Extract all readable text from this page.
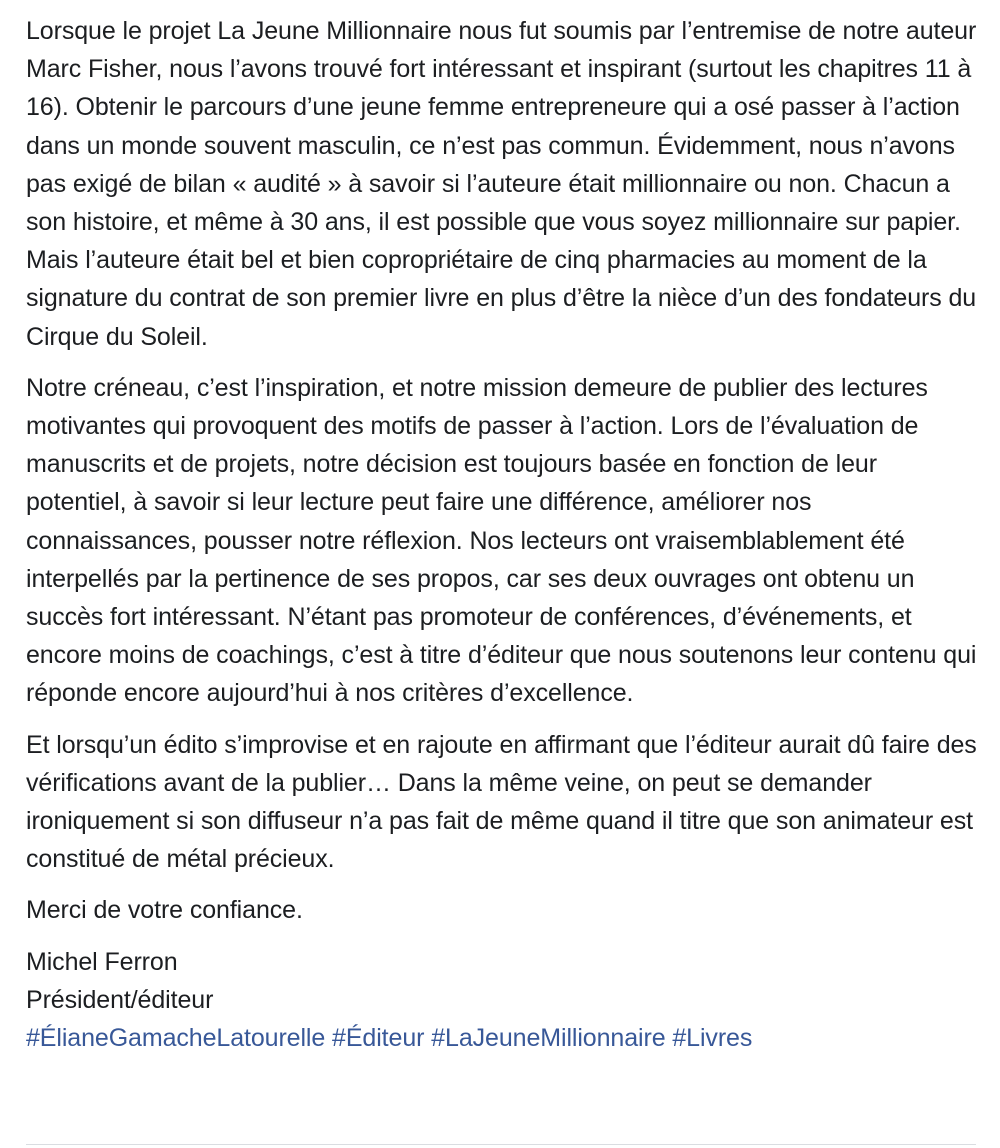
Lorsque le projet La Jeune Millionnaire nous fut soumis par l’entremise de notre auteur Marc Fisher, nous l’avons trouvé fort intéressant et inspirant (surtout les chapitres 11 à 16). Obtenir le parcours d’une jeune femme entrepreneure qui a osé passer à l’action dans un monde souvent masculin, ce n’est pas commun. Évidemment, nous n’avons pas exigé de bilan « audité » à savoir si l’auteure était millionnaire ou non. Chacun a son histoire, et même à 30 ans, il est possible que vous soyez millionnaire sur papier. Mais l’auteure était bel et bien copropriétaire de cinq pharmacies au moment de la signature du contrat de son premier livre en plus d’être la nièce d’un des fondateurs du Cirque du Soleil.

Notre créneau, c’est l’inspiration, et notre mission demeure de publier des lectures motivantes qui provoquent des motifs de passer à l’action. Lors de l’évaluation de manuscrits et de projets, notre décision est toujours basée en fonction de leur potentiel, à savoir si leur lecture peut faire une différence, améliorer nos connaissances, pousser notre réflexion. Nos lecteurs ont vraisemblablement été interpellés par la pertinence de ses propos, car ses deux ouvrages ont obtenu un succès fort intéressant. N’étant pas promoteur de conférences, d’événements, et encore moins de coachings, c’est à titre d’éditeur que nous soutenons leur contenu qui réponde encore aujourd’hui à nos critères d’excellence.

Et lorsqu’un édito s’improvise et en rajoute en affirmant que l’éditeur aurait dû faire des vérifications avant de la publier… Dans la même veine, on peut se demander ironiquement si son diffuseur n’a pas fait de même quand il titre que son animateur est constitué de métal précieux.

Merci de votre confiance.

Michel Ferron
Président/éditeur
#ÉlianeGamacheLatourelle #Éditeur #LaJeuneMillionnaire #Livres
